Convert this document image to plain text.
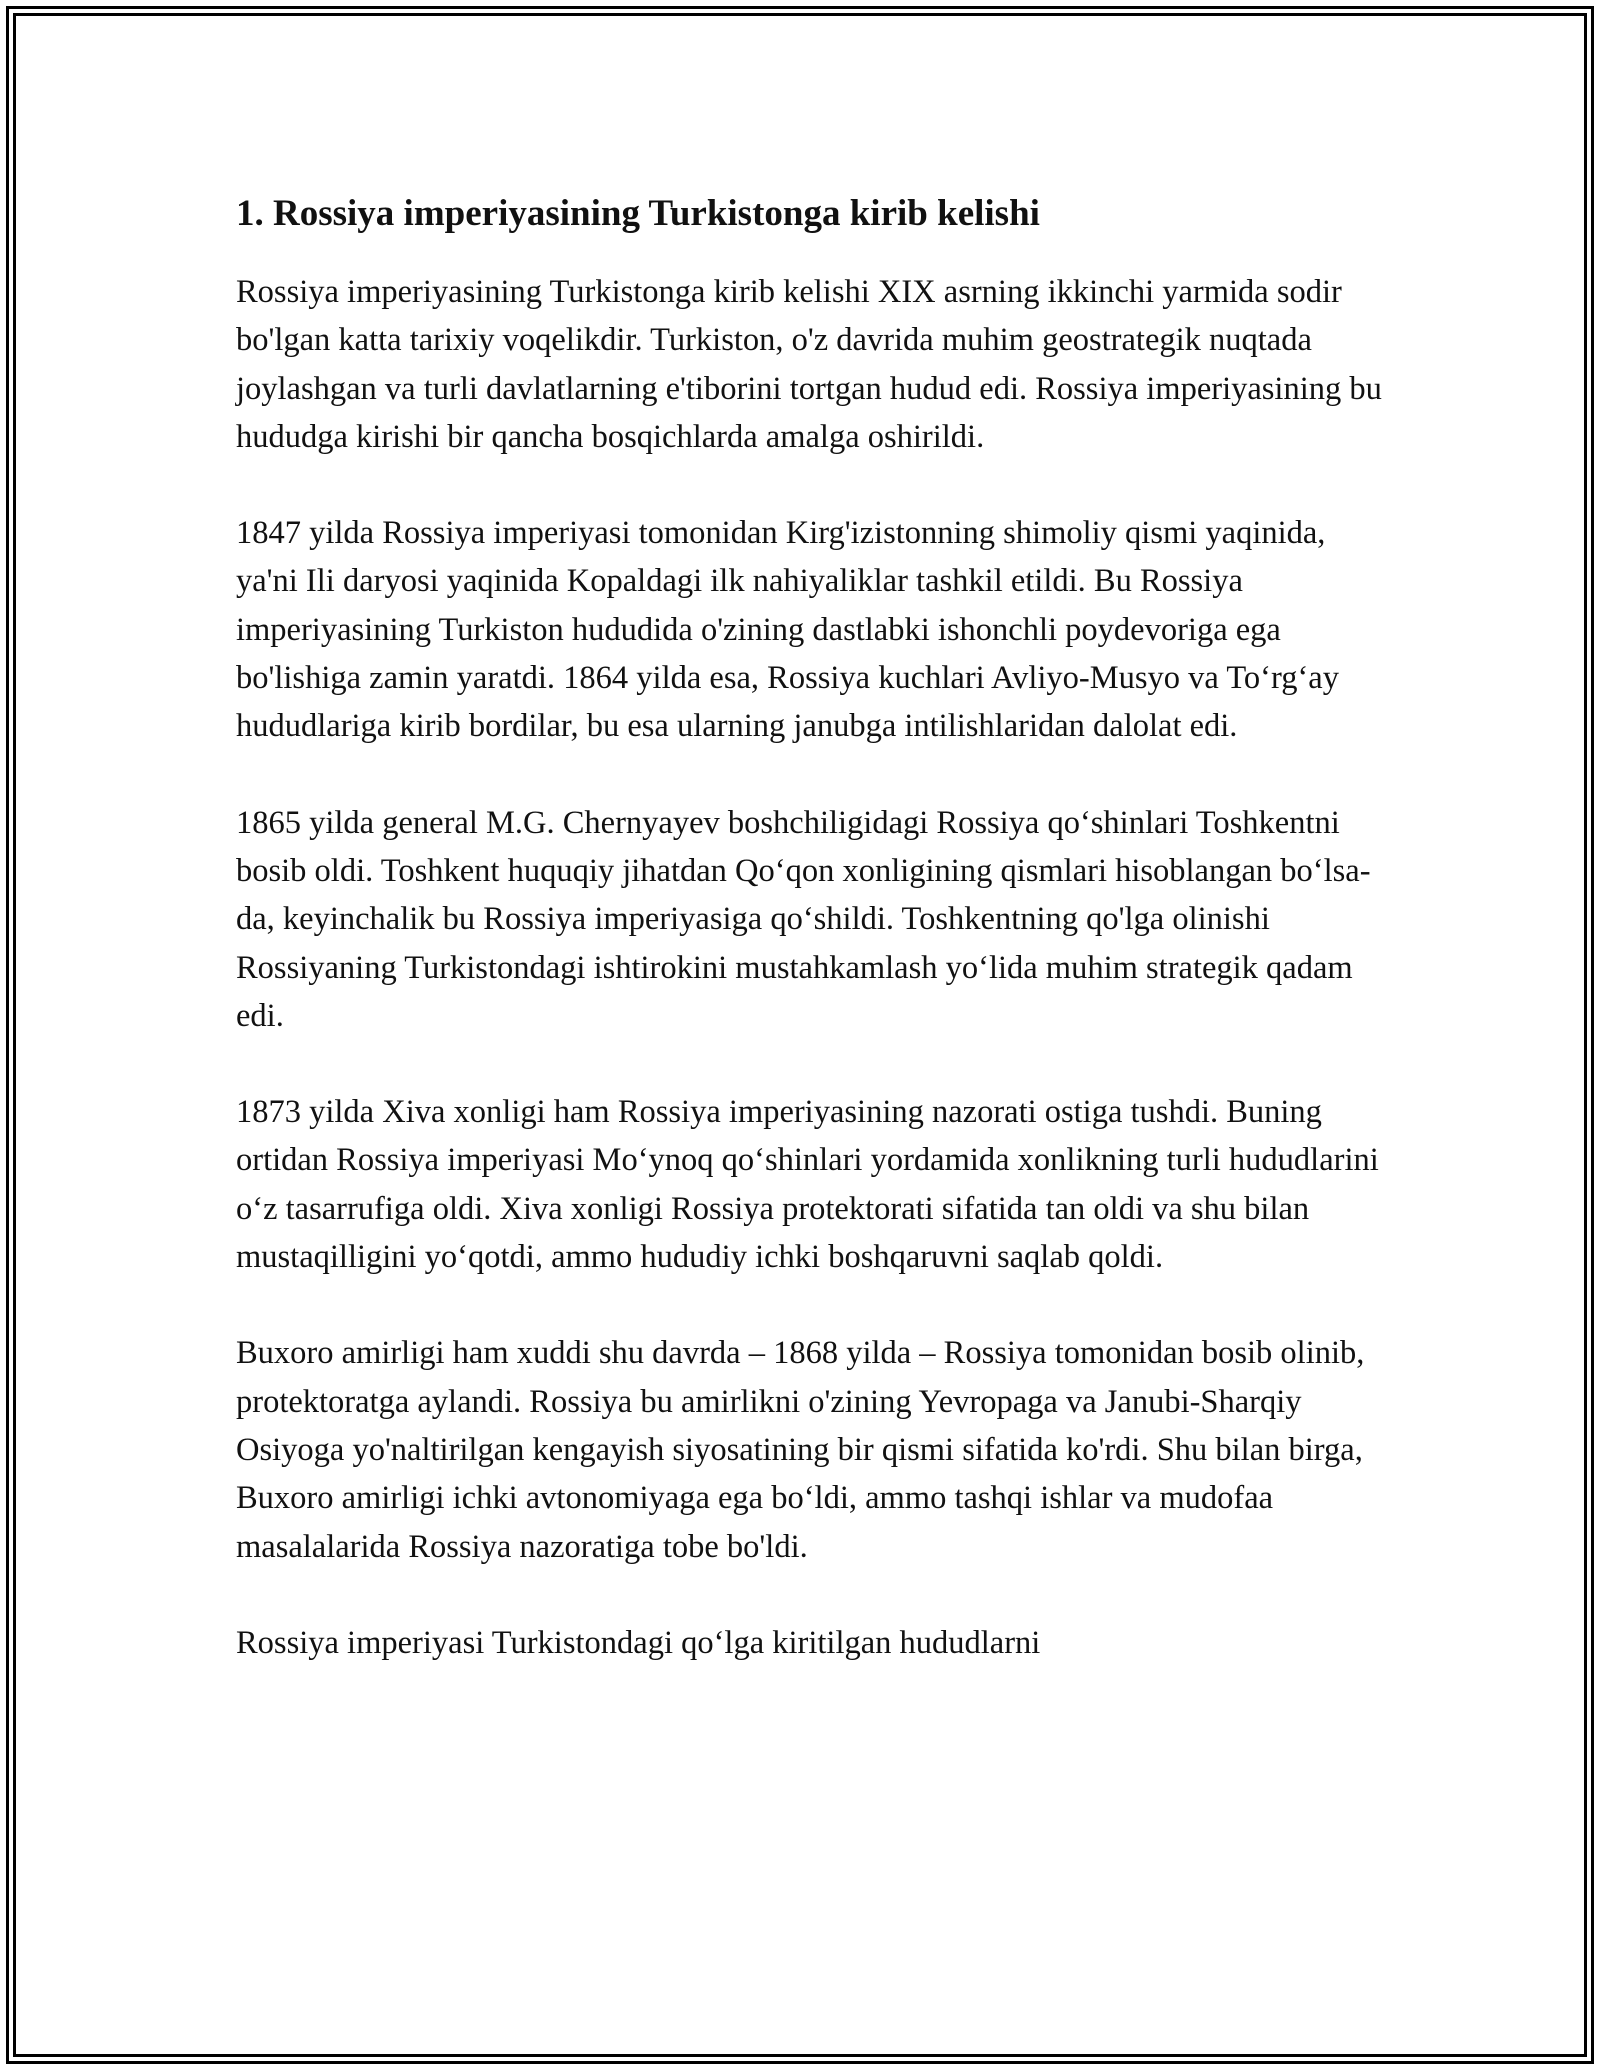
1. Rossiya imperiyasining Turkistonga kirib kelishi

Rossiya imperiyasining Turkistonga kirib kelishi XIX asrning ikkinchi yarmida sodir bo'lgan katta tarixiy voqelikdir. Turkiston, o'z davrida muhim geostrategik nuqtada joylashgan va turli davlatlarning e'tiborini tortgan hudud edi. Rossiya imperiyasining bu hududga kirishi bir qancha bosqichlarda amalga oshirildi.

1847 yilda Rossiya imperiyasi tomonidan Kirg'izistonning shimoliy qismi yaqinida, ya'ni Ili daryosi yaqinida Kopaldagi ilk nahiyaliklar tashkil etildi. Bu Rossiya imperiyasining Turkiston hududida o'zining dastlabki ishonchli poydevoriga ega bo'lishiga zamin yaratdi. 1864 yilda esa, Rossiya kuchlari Avliyo-Musyo va To‘rg‘ay hududlariga kirib bordilar, bu esa ularning janubga intilishlaridan dalolat edi.

1865 yilda general M.G. Chernyayev boshchiligidagi Rossiya qo‘shinlari Toshkentni bosib oldi. Toshkent huquqiy jihatdan Qo‘qon xonligining qismlari hisoblangan bo‘lsa-da, keyinchalik bu Rossiya imperiyasiga qo‘shildi. Toshkentning qo'lga olinishi Rossiyaning Turkistondagi ishtirokini mustahkamlash yo‘lida muhim strategik qadam edi.

1873 yilda Xiva xonligi ham Rossiya imperiyasining nazorati ostiga tushdi. Buning ortidan Rossiya imperiyasi Mo‘ynoq qo‘shinlari yordamida xonlikning turli hududlarini o‘z tasarrufiga oldi. Xiva xonligi Rossiya protektorati sifatida tan oldi va shu bilan mustaqilligini yo‘qotdi, ammo hududiy ichki boshqaruvni saqlab qoldi.

Buxoro amirligi ham xuddi shu davrda – 1868 yilda – Rossiya tomonidan bosib olinib, protektoratga aylandi. Rossiya bu amirlikni o'zining Yevropaga va Janubi-Sharqiy Osiyoga yo'naltirilgan kengayish siyosatining bir qismi sifatida ko'rdi. Shu bilan birga, Buxoro amirligi ichki avtonomiyaga ega bo‘ldi, ammo tashqi ishlar va mudofaa masalalarida Rossiya nazoratiga tobe bo'ldi.

Rossiya imperiyasi Turkistondagi qo‘lga kiritilgan hududlarni
